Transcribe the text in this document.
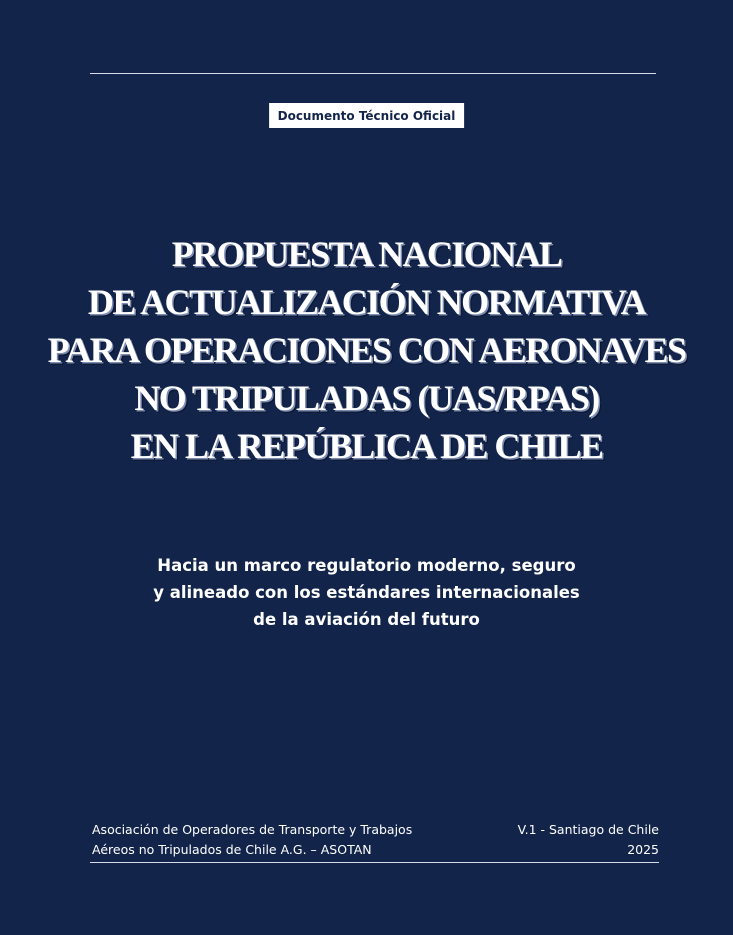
Documento Técnico Oficial
PROPUESTA NACIONAL
DE ACTUALIZACIÓN NORMATIVA
PARA OPERACIONES CON AERONAVES
NO TRIPULADAS (UAS/RPAS)
EN LA REPÚBLICA DE CHILE
Hacia un marco regulatorio moderno, seguro
y alineado con los estándares internacionales
de la aviación del futuro
Asociación de Operadores de Transporte y Trabajos
Aéreos no Tripulados de Chile A.G. – ASOTAN
V.1 - Santiago de Chile
2025
